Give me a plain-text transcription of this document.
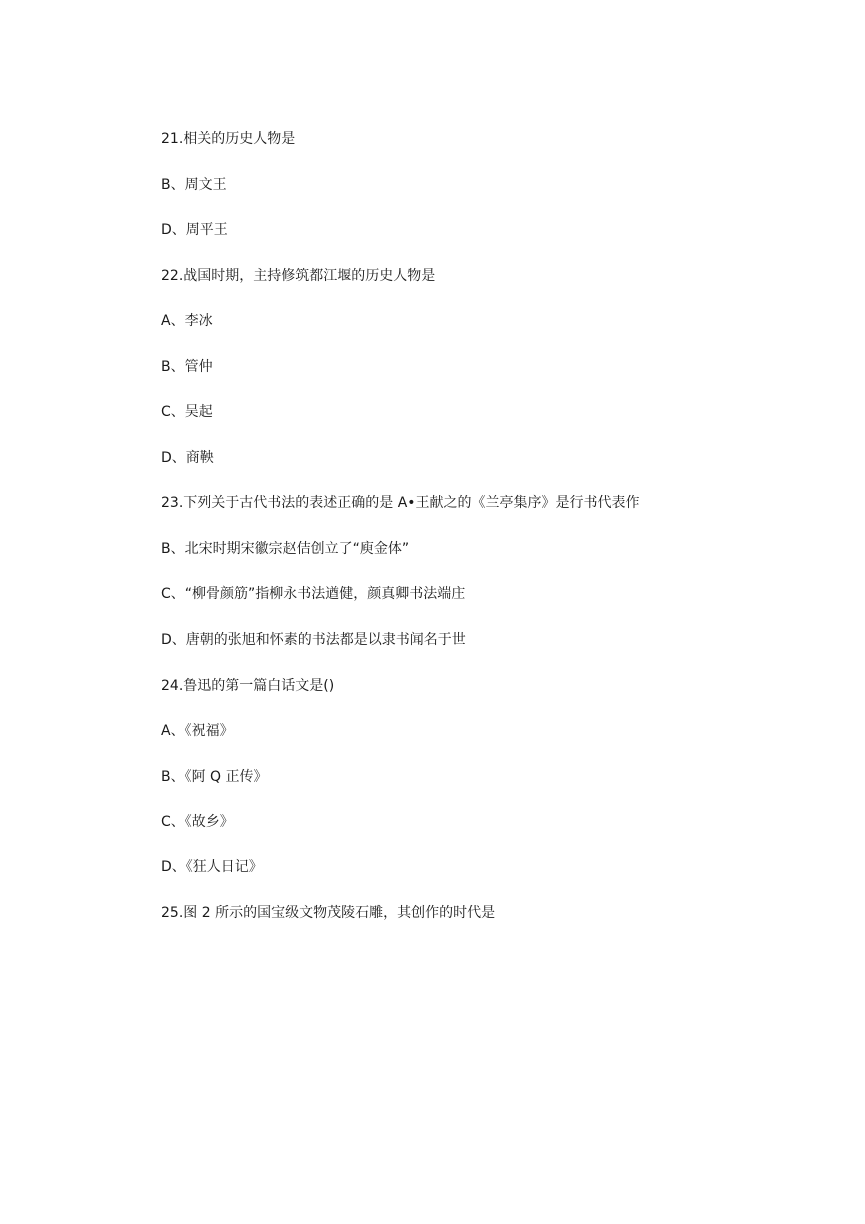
21.相关的历史人物是

B、周文王

D、周平王

22.战国时期，主持修筑都江堰的历史人物是

A、李冰

B、管仲

C、吴起

D、商鞅

23.下列关于古代书法的表述正确的是 A•王献之的《兰亭集序》是行书代表作

B、北宋时期宋徽宗赵佶创立了“庾金体”

C、“柳骨颜筋”指柳永书法遒健，颜真卿书法端庄

D、唐朝的张旭和怀素的书法都是以隶书闻名于世

24.鲁迅的第一篇白话文是()

A、《祝福》

B、《阿 Q 正传》

C、《故乡》

D、《狂人日记》

25.图 2 所示的国宝级文物茂陵石雕，其创作的时代是
